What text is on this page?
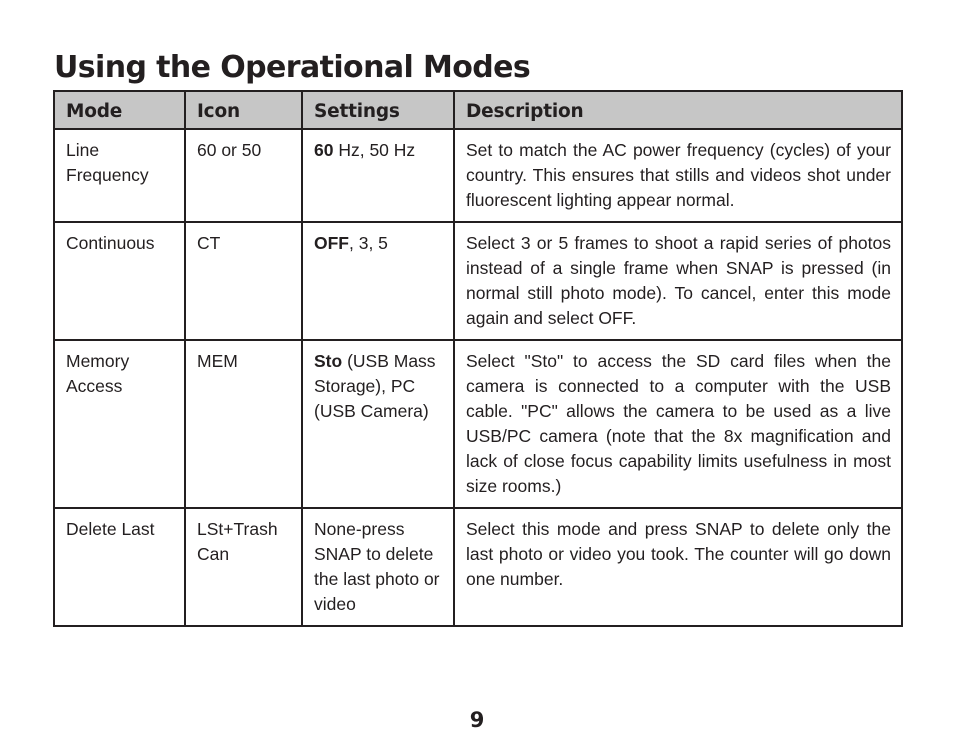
Using the Operational Modes
Mode	Icon	Settings	Description
Line Frequency	60 or 50	60 Hz, 50 Hz	Set to match the AC power frequency (cycles) of your country. This ensures that stills and videos shot under fluorescent lighting appear normal.
Continuous	CT	OFF, 3, 5	Select 3 or 5 frames to shoot a rapid series of photos instead of a single frame when SNAP is pressed (in normal still photo mode). To cancel, enter this mode again and select OFF.
Memory Access	MEM	Sto (USB Mass Storage), PC (USB Camera)	Select "Sto" to access the SD card files when the camera is connected to a computer with the USB cable. "PC" allows the camera to be used as a live USB/PC camera (note that the 8x magnification and lack of close focus capability limits usefulness in most size rooms.)
Delete Last	LSt+Trash Can	None-press SNAP to delete the last photo or video	Select this mode and press SNAP to delete only the last photo or video you took. The counter will go down one number.
9
